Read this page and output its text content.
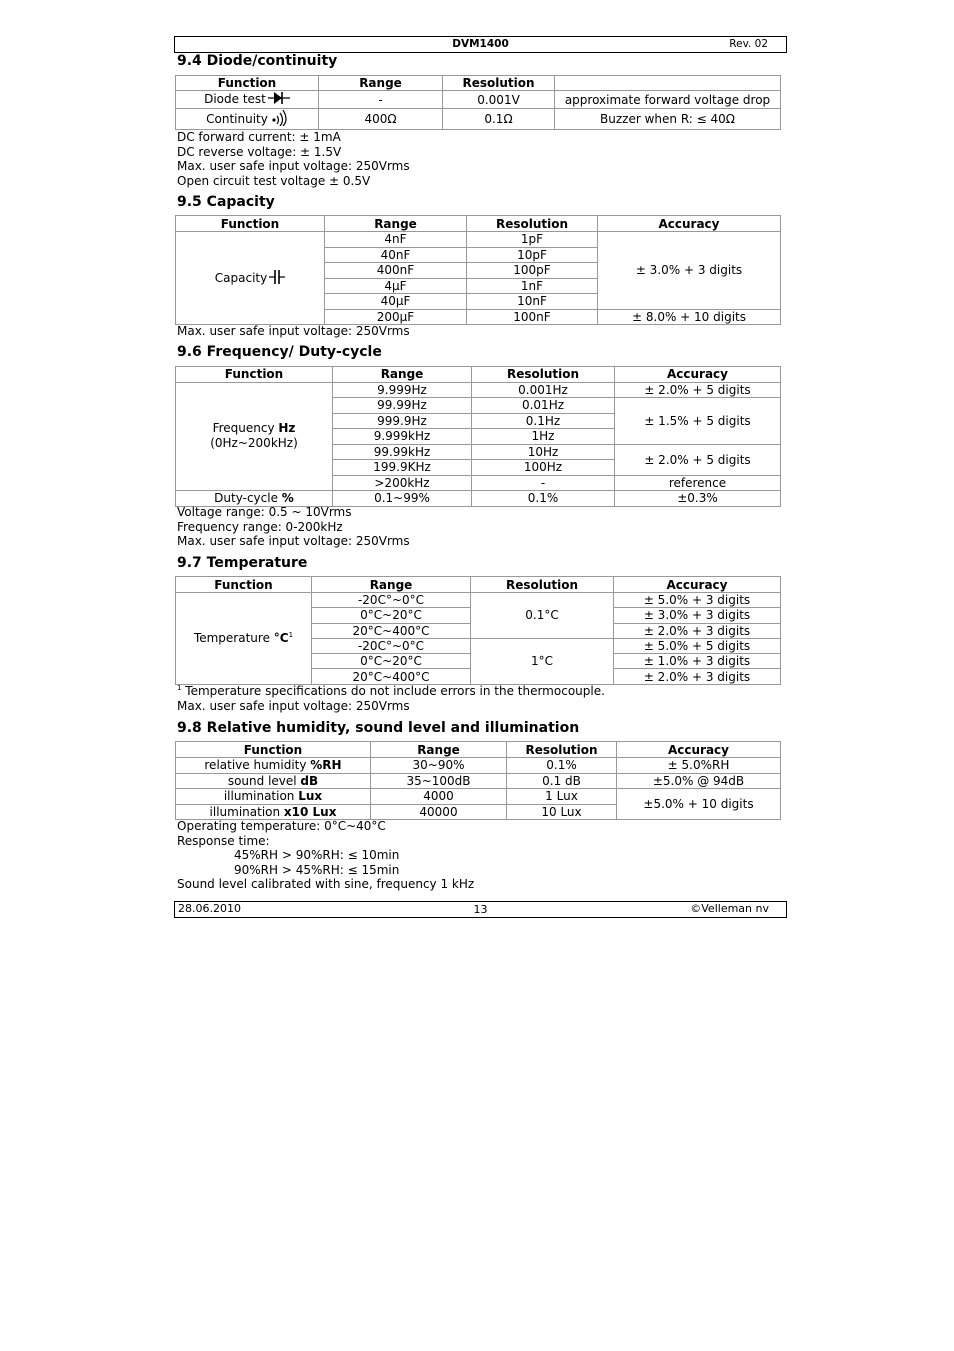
DVM1400	Rev. 02
9.4 Diode/continuity
Function	Range	Resolution	
Diode test	-	0.001V	approximate forward voltage drop
Continuity	400Ω	0.1Ω	Buzzer when R: ≤ 40Ω
DC forward current: ± 1mA
DC reverse voltage: ± 1.5V
Max. user safe input voltage: 250Vrms
Open circuit test voltage ± 0.5V
9.5 Capacity
Function	Range	Resolution	Accuracy
Capacity	4nF	1pF	± 3.0% + 3 digits
	40nF	10pF	
	400nF	100pF	
	4µF	1nF	
	40µF	10nF	
	200µF	100nF	± 8.0% + 10 digits
Max. user safe input voltage: 250Vrms
9.6 Frequency/ Duty-cycle
Function	Range	Resolution	Accuracy
Frequency Hz
(0Hz~200kHz)	9.999Hz	0.001Hz	± 2.0% + 5 digits
	99.99Hz	0.01Hz	± 1.5% + 5 digits
	999.9Hz	0.1Hz	
	9.999kHz	1Hz	
	99.99kHz	10Hz	± 2.0% + 5 digits
	199.9KHz	100Hz	
	>200kHz	-	reference
Duty-cycle %	0.1~99%	0.1%	±0.3%
Voltage range: 0.5 ~ 10Vrms
Frequency range: 0-200kHz
Max. user safe input voltage: 250Vrms
9.7 Temperature
Function	Range	Resolution	Accuracy
Temperature $^\circ C^1$	-20C°~0°C	0.1°C	± 5.0% + 3 digits
	0°C~20°C		± 3.0% + 3 digits
	20°C~400°C		± 2.0% + 3 digits
	-20C°~0°C	1°C	± 5.0% + 5 digits
	0°C~20°C		± 1.0% + 3 digits
	20°C~400°C		± 2.0% + 3 digits
$^1$ Temperature specifications do not include errors in the thermocouple.
Max. user safe input voltage: 250Vrms
9.8 Relative humidity, sound level and illumination
Function	Range	Resolution	Accuracy
relative humidity %RH	30~90%	0.1%	± 5.0%RH
sound level dB	35~100dB	0.1 dB	±5.0% @ 94dB
illumination Lux	4000	1 Lux	±5.0% + 10 digits
illumination x10 Lux	40000	10 Lux	
Operating temperature: 0°C~40°C
Response time:
45%RH > 90%RH: ≤ 10min
90%RH > 45%RH: ≤ 15min
Sound level calibrated with sine, frequency 1 kHz
28.06.2010	13	©Velleman nv
